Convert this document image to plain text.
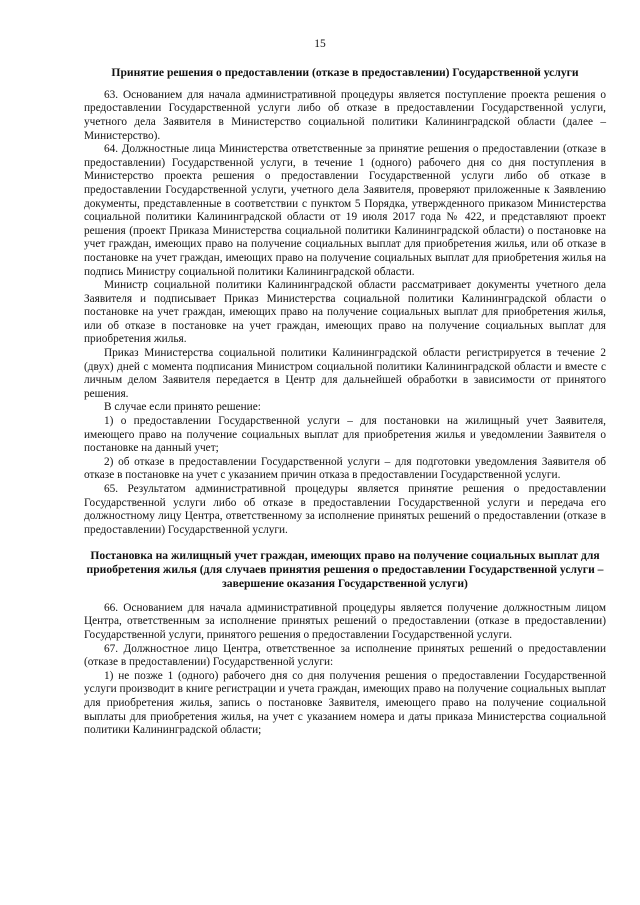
15
Принятие решения о предоставлении (отказе в предоставлении) Государственной услуги

63. Основанием для начала административной процедуры является поступление проекта решения о предоставлении Государственной услуги либо об отказе в предоставлении Государственной услуги, учетного дела Заявителя в Министерство социальной политики Калининградской области (далее – Министерство).

64. Должностные лица Министерства ответственные за принятие решения о предоставлении (отказе в предоставлении) Государственной услуги, в течение 1 (одного) рабочего дня со дня поступления в Министерство проекта решения о предоставлении Государственной услуги либо об отказе в предоставлении Государственной услуги, учетного дела Заявителя, проверяют приложенные к Заявлению документы, представленные в соответствии с пунктом 5 Порядка, утвержденного приказом Министерства социальной политики Калининградской области от 19 июля 2017 года № 422, и представляют проект решения (проект Приказа Министерства социальной политики Калининградской области) о постановке на учет граждан, имеющих право на получение социальных выплат для приобретения жилья, или об отказе в постановке на учет граждан, имеющих право на получение социальных выплат для приобретения жилья на подпись Министру социальной политики Калининградской области.

Министр социальной политики Калининградской области рассматривает документы учетного дела Заявителя и подписывает Приказ Министерства социальной политики Калининградской области о постановке на учет граждан, имеющих право на получение социальных выплат для приобретения жилья, или об отказе в постановке на учет граждан, имеющих право на получение социальных выплат для приобретения жилья.

Приказ Министерства социальной политики Калининградской области регистрируется в течение 2 (двух) дней с момента подписания Министром социальной политики Калининградской области и вместе с личным делом Заявителя передается в Центр для дальнейшей обработки в зависимости от принятого решения.

В случае если принято решение:

1) о предоставлении Государственной услуги – для постановки на жилищный учет Заявителя, имеющего право на получение социальных выплат для приобретения жилья и уведомлении Заявителя о постановке на данный учет;

2) об отказе в предоставлении Государственной услуги – для подготовки уведомления Заявителя об отказе в постановке на учет с указанием причин отказа в предоставлении Государственной услуги.

65. Результатом административной процедуры является принятие решения о предоставлении Государственной услуги либо об отказе в предоставлении Государственной услуги и передача его должностному лицу Центра, ответственному за исполнение принятых решений о предоставлении (отказе в предоставлении) Государственной услуги.

Постановка на жилищный учет граждан, имеющих право на получение социальных выплат для приобретения жилья (для случаев принятия решения о предоставлении Государственной услуги – завершение оказания Государственной услуги)

66. Основанием для начала административной процедуры является получение должностным лицом Центра, ответственным за исполнение принятых решений о предоставлении (отказе в предоставлении) Государственной услуги, принятого решения о предоставлении Государственной услуги.

67. Должностное лицо Центра, ответственное за исполнение принятых решений о предоставлении (отказе в предоставлении) Государственной услуги:

1) не позже 1 (одного) рабочего дня со дня получения решения о предоставлении Государственной услуги производит в книге регистрации и учета граждан, имеющих право на получение социальных выплат для приобретения жилья, запись о постановке Заявителя, имеющего право на получение социальной выплаты для приобретения жилья, на учет с указанием номера и даты приказа Министерства социальной политики Калининградской области;
